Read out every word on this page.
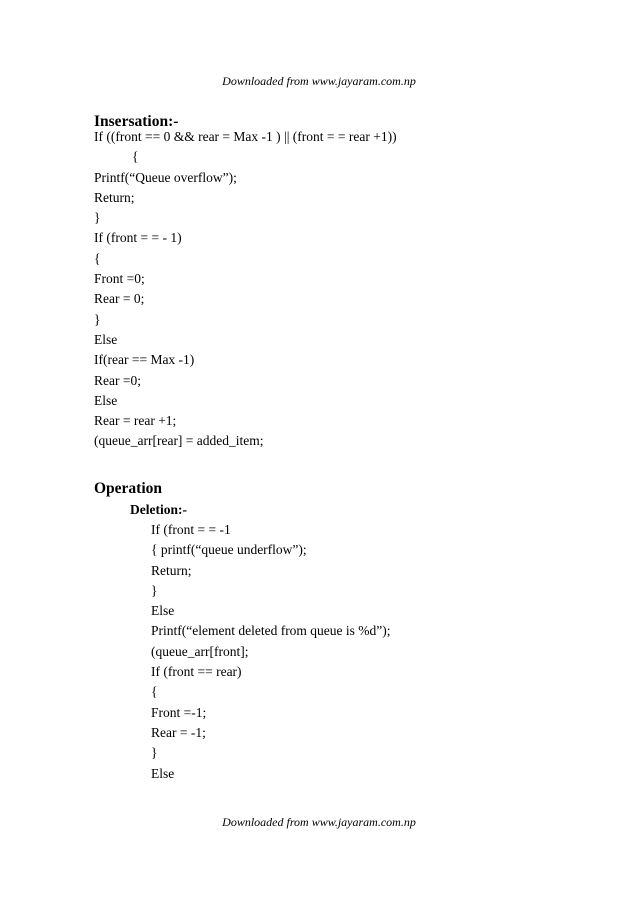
Downloaded from www.jayaram.com.np
Insersation:-
If ((front == 0 && rear = Max -1 ) || (front = = rear +1))
{
Printf(“Queue overflow”);
Return;
}
If (front = = - 1)
{
Front =0;
Rear = 0;
}
Else
If(rear == Max -1)
Rear =0;
Else
Rear = rear +1;
(queue_arr[rear] = added_item;
Operation
Deletion:-
If (front = = -1
{ printf(“queue underflow”);
Return;
}
Else
Printf(“element deleted from queue is %d”);
(queue_arr[front];
If (front == rear)
{
Front =-1;
Rear = -1;
}
Else
Downloaded from www.jayaram.com.np
